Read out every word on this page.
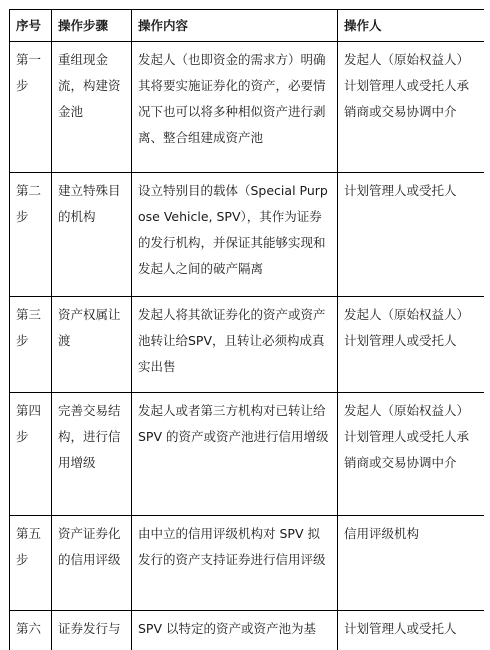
序号	操作步骤	操作内容	操作人
第一步	重组现金流，构建资金池	发起人（也即资金的需求方）明确其将要实施证券化的资产，必要情况下也可以将多种相似资产进行剥离、整合组建成资产池	发起人（原始权益人）计划管理人或受托人承销商或交易协调中介
第二步	建立特殊目的机构	设立特别目的载体（Special Purpose Vehicle, SPV），其作为证券的发行机构，并保证其能够实现和发起人之间的破产隔离	计划管理人或受托人
第三步	资产权属让渡	发起人将其欲证券化的资产或资产池转让给SPV，且转让必须构成真实出售	发起人（原始权益人）计划管理人或受托人
第四步	完善交易结构，进行信用增级	发起人或者第三方机构对已转让给 SPV 的资产或资产池进行信用增级	发起人（原始权益人）计划管理人或受托人承销商或交易协调中介
第五步	资产证券化的信用评级	由中立的信用评级机构对 SPV 拟发行的资产支持证券进行信用评级	信用评级机构
第六	证券发行与	SPV 以特定的资产或资产池为基	计划管理人或受托人
